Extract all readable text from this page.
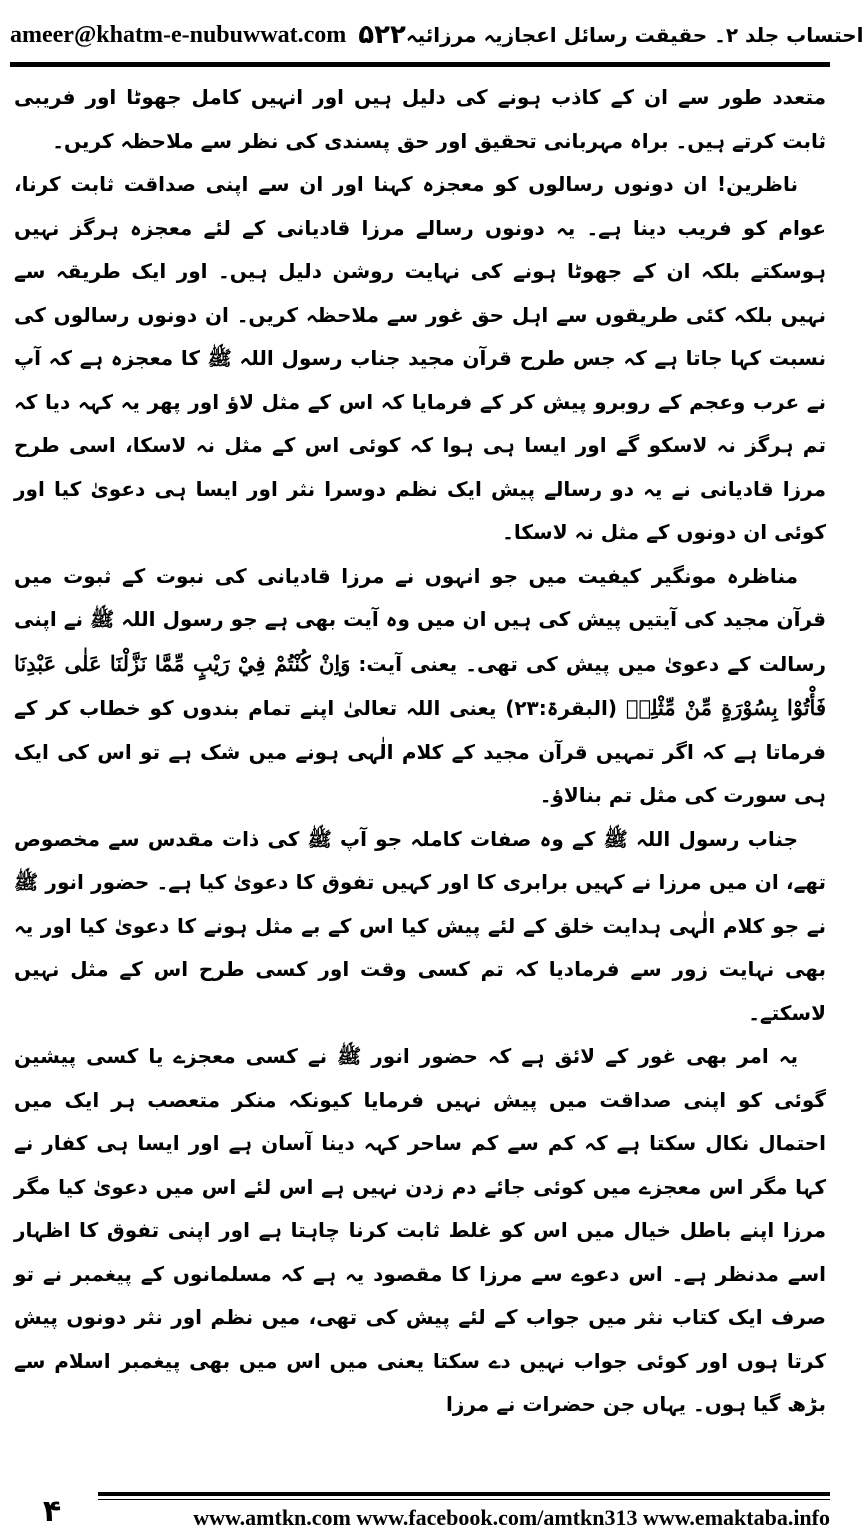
ameer@khatm-e-nubuwwat.com ۵۲۲ احتساب جلد ۲۔ حقیقت رسائل اعجازیہ مرزائیہ

متعدد طور سے ان کے کاذب ہونے کی دلیل ہیں اور انہیں کامل جھوٹا اور فریبی ثابت کرتے ہیں۔ براہ مہربانی تحقیق اور حق پسندی کی نظر سے ملاحظہ کریں۔

ناظرین! ان دونوں رسالوں کو معجزہ کہنا اور ان سے اپنی صداقت ثابت کرنا، عوام کو فریب دینا ہے۔ یہ دونوں رسالے مرزا قادیانی کے لئے معجزہ ہرگز نہیں ہوسکتے بلکہ ان کے جھوٹا ہونے کی نہایت روشن دلیل ہیں۔ اور ایک طریقہ سے نہیں بلکہ کئی طریقوں سے اہل حق غور سے ملاحظہ کریں۔ ان دونوں رسالوں کی نسبت کہا جاتا ہے کہ جس طرح قرآن مجید جناب رسول اللہ ﷺ کا معجزہ ہے کہ آپ نے عرب وعجم کے روبرو پیش کر کے فرمایا کہ اس کے مثل لاؤ اور پھر یہ کہہ دیا کہ تم ہرگز نہ لاسکو گے اور ایسا ہی ہوا کہ کوئی اس کے مثل نہ لاسکا، اسی طرح مرزا قادیانی نے یہ دو رسالے پیش ایک نظم دوسرا نثر اور ایسا ہی دعویٰ کیا اور کوئی ان دونوں کے مثل نہ لاسکا۔

مناظرہ مونگیر کیفیت میں جو انہوں نے مرزا قادیانی کی نبوت کے ثبوت میں قرآن مجید کی آیتیں پیش کی ہیں ان میں وہ آیت بھی ہے جو رسول اللہ ﷺ نے اپنی رسالت کے دعویٰ میں پیش کی تھی۔ یعنی آیت: وَاِنْ كُنْتُمْ فِيْ رَيْبٍ مِّمَّا نَزَّلْنَا عَلٰى عَبْدِنَا فَأْتُوْا بِسُوْرَةٍ مِّنْ مِّثْلِهٖ (البقرۃ:۲۳) یعنی اللہ تعالیٰ اپنے تمام بندوں کو خطاب کر کے فرماتا ہے کہ اگر تمہیں قرآن مجید کے کلام الٰہی ہونے میں شک ہے تو اس کی ایک ہی سورت کی مثل تم بنالاؤ۔

جناب رسول اللہ ﷺ کے وہ صفات کاملہ جو آپ ﷺ کی ذات مقدس سے مخصوص تھے، ان میں مرزا نے کہیں برابری کا اور کہیں تفوق کا دعویٰ کیا ہے۔ حضور انور ﷺ نے جو کلام الٰہی ہدایت خلق کے لئے پیش کیا اس کے بے مثل ہونے کا دعویٰ کیا اور یہ بھی نہایت زور سے فرمادیا کہ تم کسی وقت اور کسی طرح اس کے مثل نہیں لاسکتے۔

یہ امر بھی غور کے لائق ہے کہ حضور انور ﷺ نے کسی معجزے یا کسی پیشین گوئی کو اپنی صداقت میں پیش نہیں فرمایا کیونکہ منکر متعصب ہر ایک میں احتمال نکال سکتا ہے کہ کم سے کم ساحر کہہ دینا آسان ہے اور ایسا ہی کفار نے کہا مگر اس معجزے میں کوئی جائے دم زدن نہیں ہے اس لئے اس میں دعویٰ کیا مگر مرزا اپنے باطل خیال میں اس کو غلط ثابت کرنا چاہتا ہے اور اپنی تفوق کا اظہار اسے مدنظر ہے۔ اس دعوے سے مرزا کا مقصود یہ ہے کہ مسلمانوں کے پیغمبر نے تو صرف ایک کتاب نثر میں جواب کے لئے پیش کی تھی، میں نظم اور نثر دونوں پیش کرتا ہوں اور کوئی جواب نہیں دے سکتا یعنی میں اس میں بھی پیغمبر اسلام سے بڑھ گیا ہوں۔ یہاں جن حضرات نے مرزا

۴	www.amtkn.com www.facebook.com/amtkn313 www.emaktaba.info
